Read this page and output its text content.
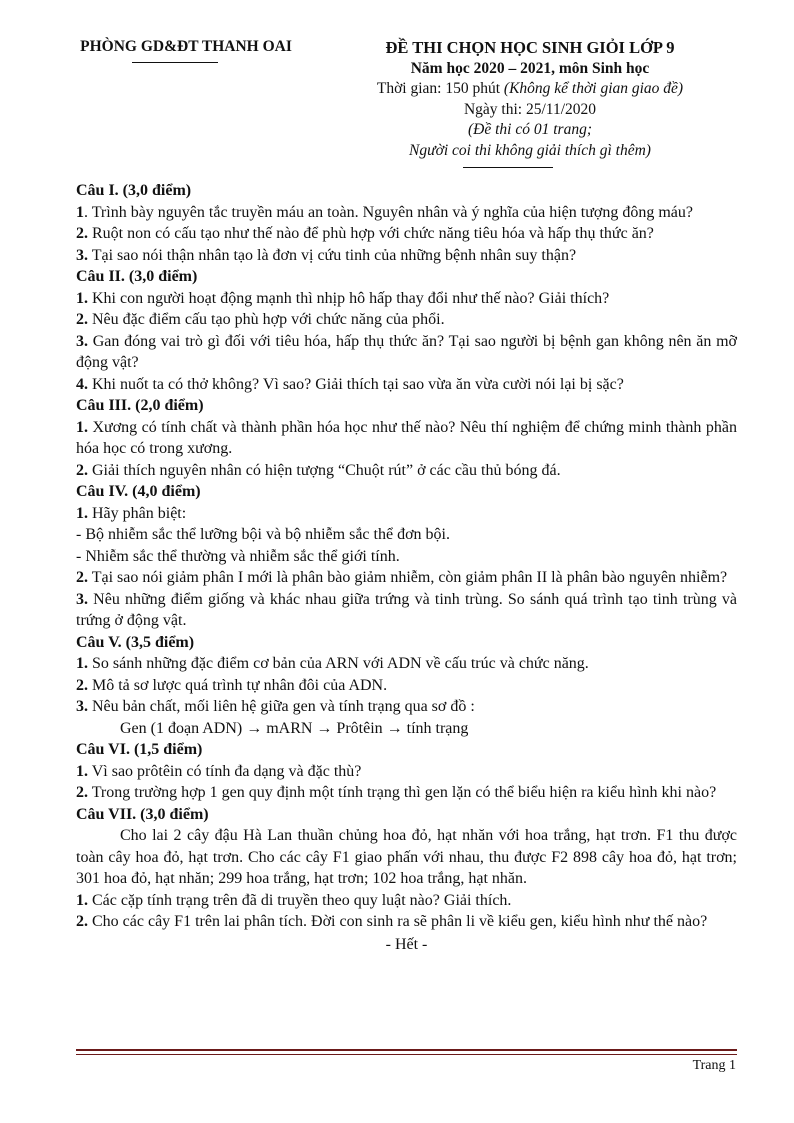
PHÒNG GD&ĐT THANH OAI	ĐỀ THI CHỌN HỌC SINH GIỎI LỚP 9
Năm học 2020 – 2021, môn Sinh học
Thời gian: 150 phút (Không kể thời gian giao đề)
Ngày thi: 25/11/2020
(Đề thi có 01 trang;
Người coi thi không giải thích gì thêm)

Câu I. (3,0 điểm)

1. Trình bày nguyên tắc truyền máu an toàn. Nguyên nhân và ý nghĩa của hiện tượng đông máu?

2. Ruột non có cấu tạo như thế nào để phù hợp với chức năng tiêu hóa và hấp thụ thức ăn?

3. Tại sao nói thận nhân tạo là đơn vị cứu tinh của những bệnh nhân suy thận?

Câu II. (3,0 điểm)

1. Khi con người hoạt động mạnh thì nhịp hô hấp thay đổi như thế nào? Giải thích?

2. Nêu đặc điểm cấu tạo phù hợp với chức năng của phổi.

3. Gan đóng vai trò gì đối với tiêu hóa, hấp thụ thức ăn? Tại sao người bị bệnh gan không nên ăn mỡ động vật?

4. Khi nuốt ta có thở không? Vì sao? Giải thích tại sao vừa ăn vừa cười nói lại bị sặc?

Câu III. (2,0 điểm)

1. Xương có tính chất và thành phần hóa học như thế nào? Nêu thí nghiệm để chứng minh thành phần hóa học có trong xương.

2. Giải thích nguyên nhân có hiện tượng “Chuột rút” ở các cầu thủ bóng đá.

Câu IV. (4,0 điểm)

1. Hãy phân biệt:

- Bộ nhiễm sắc thể lưỡng bội và bộ nhiễm sắc thể đơn bội.

- Nhiễm sắc thể thường và nhiễm sắc thể giới tính.

2. Tại sao nói giảm phân I mới là phân bào giảm nhiễm, còn giảm phân II là phân bào nguyên nhiễm?

3. Nêu những điểm giống và khác nhau giữa trứng và tinh trùng. So sánh quá trình tạo tinh trùng và trứng ở động vật.

Câu V. (3,5 điểm)

1. So sánh những đặc điểm cơ bản của ARN với ADN về cấu trúc và chức năng.

2. Mô tả sơ lược quá trình tự nhân đôi của ADN.

3. Nêu bản chất, mối liên hệ giữa gen và tính trạng qua sơ đồ :

Gen (1 đoạn ADN) → mARN → Prôtêin → tính trạng

Câu VI. (1,5 điểm)

1. Vì sao prôtêin có tính đa dạng và đặc thù?

2. Trong trường hợp 1 gen quy định một tính trạng thì gen lặn có thể biểu hiện ra kiểu hình khi nào?

Câu VII. (3,0 điểm)

Cho lai 2 cây đậu Hà Lan thuần chủng hoa đỏ, hạt nhăn với hoa trắng, hạt trơn. F1 thu được toàn cây hoa đỏ, hạt trơn. Cho các cây F1 giao phấn với nhau, thu được F2 898 cây hoa đỏ, hạt trơn; 301 hoa đỏ, hạt nhăn; 299 hoa trắng, hạt trơn; 102 hoa trắng, hạt nhăn.

1. Các cặp tính trạng trên đã di truyền theo quy luật nào? Giải thích.

2. Cho các cây F1 trên lai phân tích. Đời con sinh ra sẽ phân li về kiểu gen, kiểu hình như thế nào?

- Hết -

Trang 1
